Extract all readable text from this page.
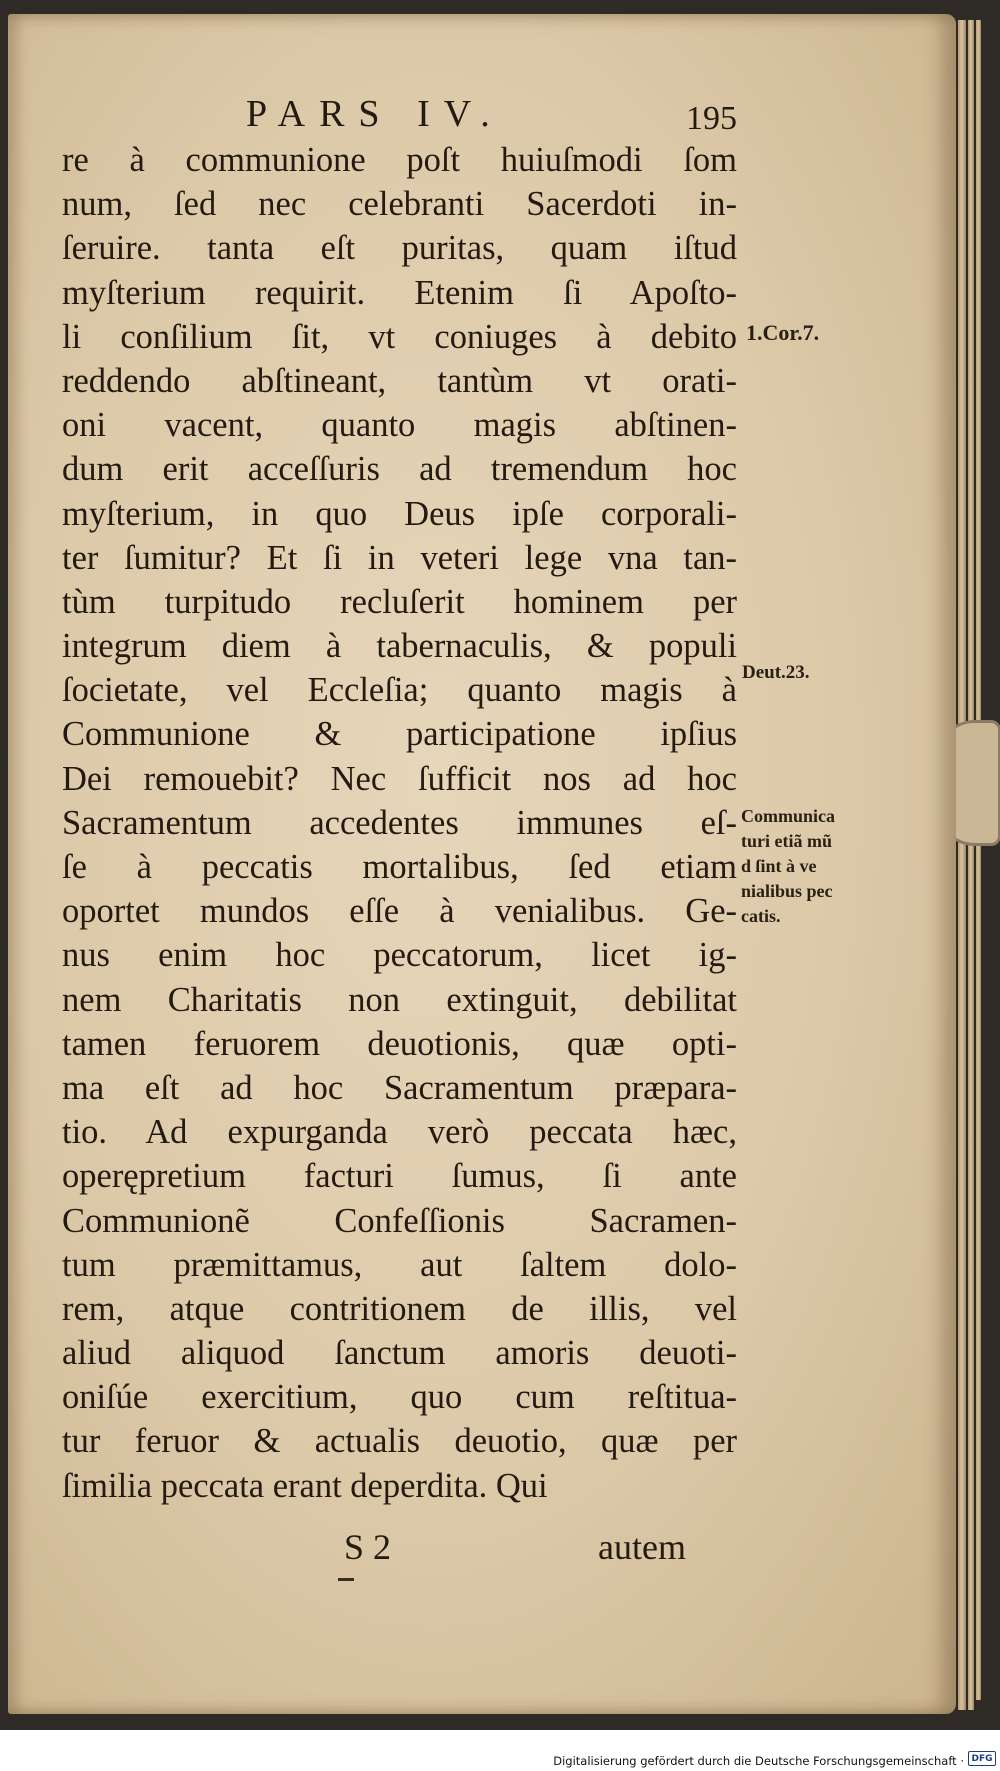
PARS IV.	195
re à communione poſt huiuſmodi ſom
num, ſed nec celebranti Sacerdoti in-
ſeruire. tanta eſt puritas, quam iſtud
myſterium requirit. Etenim ſi Apoſto-
li conſilium ſit, vt coniuges à debito
reddendo abſtineant, tantùm vt orati-
oni vacent, quanto magis abſtinen-
dum erit acceſſuris ad tremendum hoc
myſterium, in quo Deus ipſe corporali-
ter ſumitur? Et ſi in veteri lege vna tan-
tùm turpitudo recluſerit hominem per
integrum diem à tabernaculis, & populi
ſocietate, vel Eccleſia; quanto magis à
Communione & participatione ipſius
Dei remouebit? Nec ſufficit nos ad hoc
Sacramentum accedentes immunes eſ-
ſe à peccatis mortalibus, ſed etiam
oportet mundos eſſe à venialibus. Ge-
nus enim hoc peccatorum, licet ig-
nem Charitatis non extinguit, debilitat
tamen feruorem deuotionis, quæ opti-
ma eſt ad hoc Sacramentum præpara-
tio. Ad expurganda verò peccata hæc,
operępretium facturi ſumus, ſi ante
Communionẽ Confeſſionis Sacramen-
tum præmittamus, aut ſaltem dolo-
rem, atque contritionem de illis, vel
aliud aliquod ſanctum amoris deuoti-
oniſúe exercitium, quo cum reſtitua-
tur feruor & actualis deuotio, quæ per
ſimilia peccata erant deperdita. Qui
1.Cor.7.
Deut.23.
Communica
turi etiã mũ
d ſint à ve
nialibus pec
catis.
S 2	autem
Digitalisierung gefördert durch die Deutsche Forschungsgemeinschaft · DFG
